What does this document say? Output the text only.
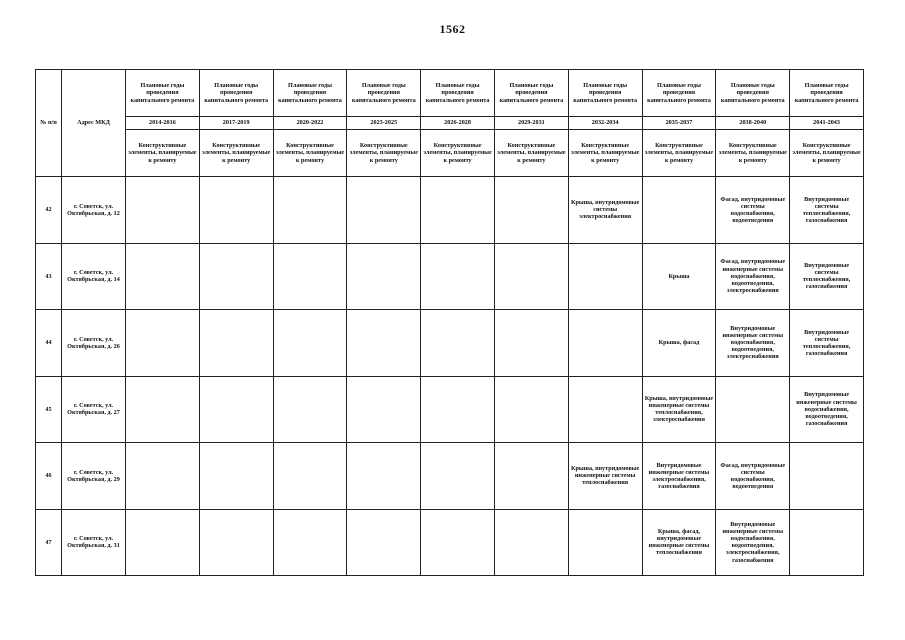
1562
№ п/п	Адрес МКД	Плановые годы проведения капитального ремонта	Плановые годы проведения капитального ремонта	Плановые годы проведения капитального ремонта	Плановые годы проведения капитального ремонта	Плановые годы проведения капитального ремонта	Плановые годы проведения капитального ремонта	Плановые годы проведения капитального ремонта	Плановые годы проведения капитального ремонта	Плановые годы проведения капитального ремонта	Плановые годы проведения капитального ремонта
		2014-2016	2017-2019	2020-2022	2023-2025	2026-2028	2029-2031	2032-2034	2035-2037	2038-2040	2041-2043
		Конструктивные элементы, планируемые к ремонту	Конструктивные элементы, планируемые к ремонту	Конструктивные элементы, планируемые к ремонту	Конструктивные элементы, планируемые к ремонту	Конструктивные элементы, планируемые к ремонту	Конструктивные элементы, планируемые к ремонту	Конструктивные элементы, планируемые к ремонту	Конструктивные элементы, планируемые к ремонту	Конструктивные элементы, планируемые к ремонту	Конструктивные элементы, планируемые к ремонту
42	г. Советск, ул. Октябрьская, д. 12							Крыша, внутридомовые системы электроснабжения		Фасад, внутридомовые системы водоснабжения, водоотведения	Внутридомовые системы теплоснабжения, газоснабжения
43	г. Советск, ул. Октябрьская, д. 14								Крыша	Фасад, внутридомовые инженерные системы водоснабжения, водоотведения, электроснабжения	Внутридомовые системы теплоснабжения, газоснабжения
44	г. Советск, ул. Октябрьская, д. 26								Крыша, фасад	Внутридомовые инженерные системы водоснабжения, водоотведения, электроснабжения	Внутридомовые системы теплоснабжения, газоснабжения
45	г. Советск, ул. Октябрьская, д. 27								Крыша, внутридомовые инженерные системы теплоснабжения, электроснабжения		Внутридомовые инженерные системы водоснабжения, водоотведения, газоснабжения
46	г. Советск, ул. Октябрьская, д. 29							Крыша, внутридомовые инженерные системы теплоснабжения	Внутридомовые инженерные системы электроснабжения, газоснабжения	Фасад, внутридомовые системы водоснабжения, водоотведения	
47	г. Советск, ул. Октябрьская, д. 31								Крыша, фасад, внутридомовые инженерные системы теплоснабжения	Внутридомовые инженерные системы водоснабжения, водоотведения, электроснабжения, газоснабжения	
